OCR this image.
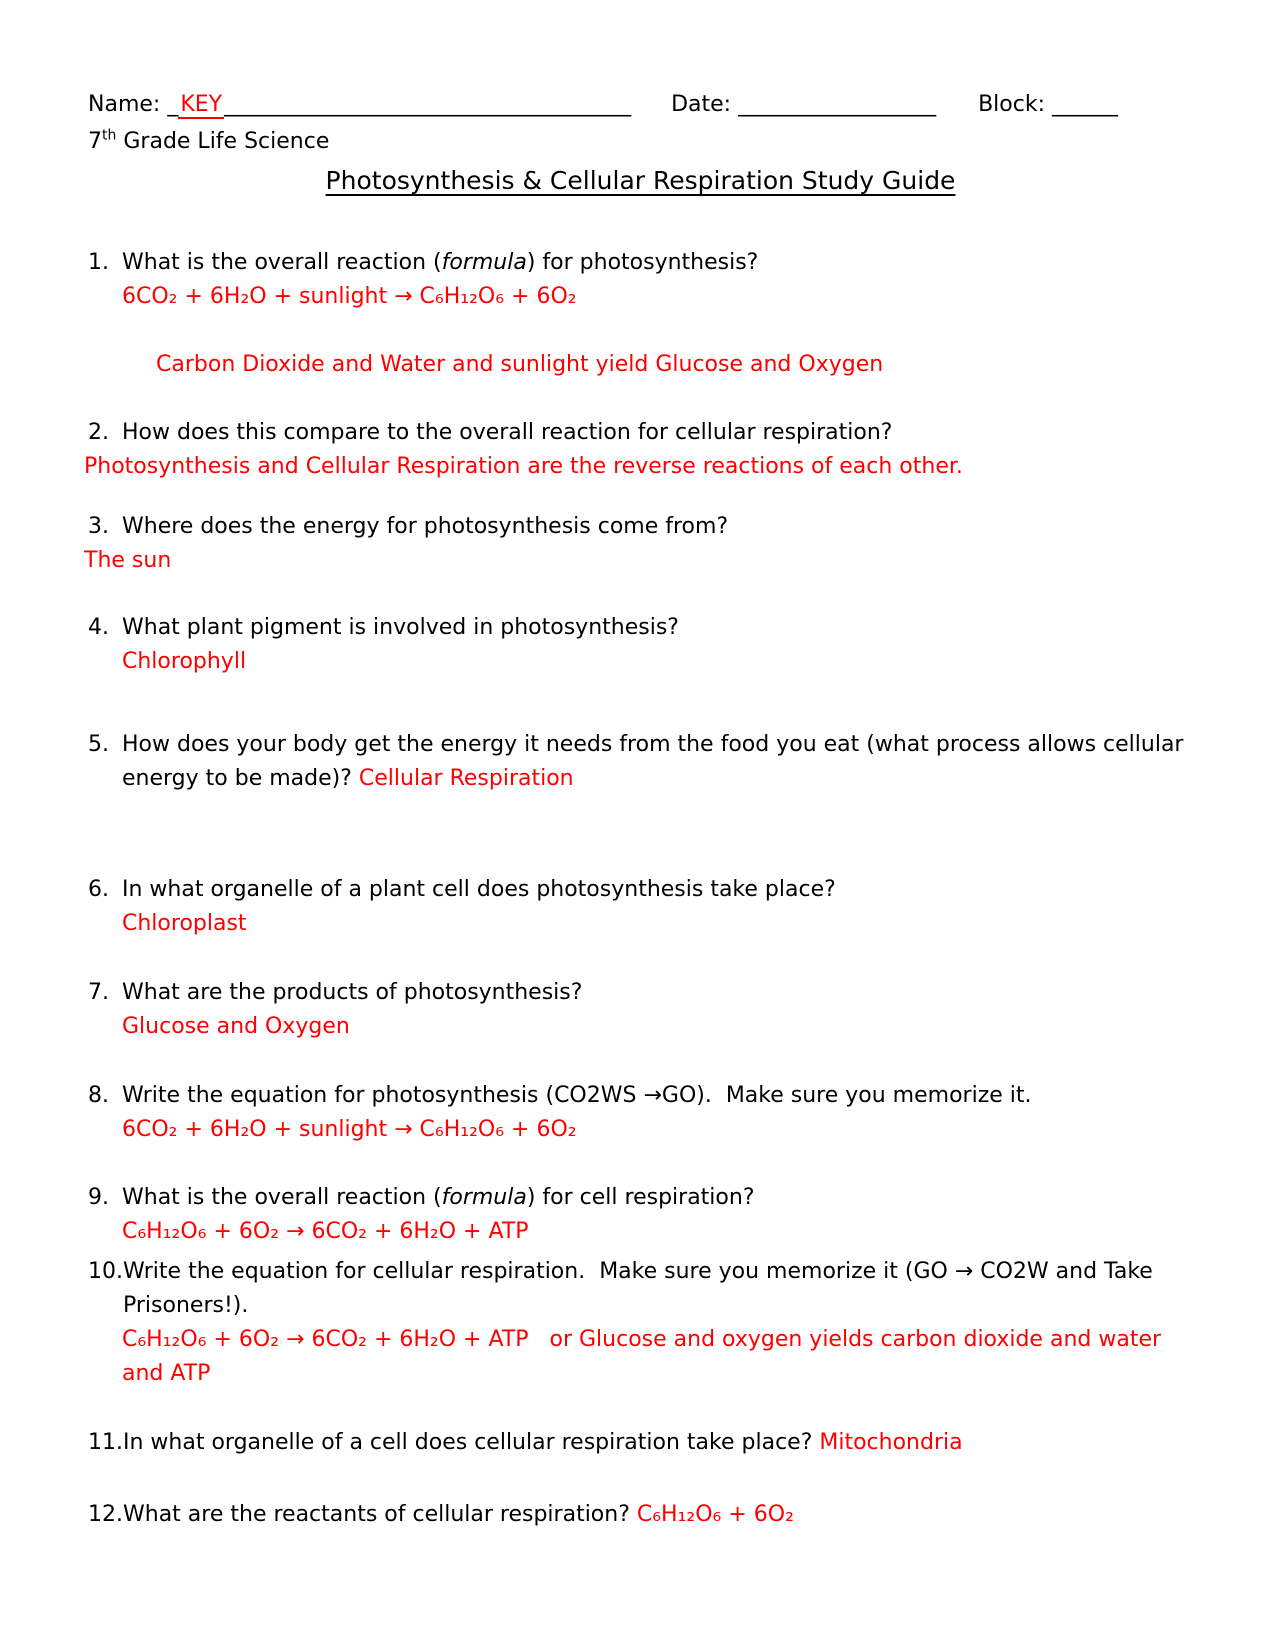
Name: _KEY_____________________________________ Date: __________________ Block: ______
7th Grade Life Science
Photosynthesis & Cellular Respiration Study Guide
1. What is the overall reaction (formula) for photosynthesis?
6CO₂ + 6H₂O + sunlight → C₆H₁₂O₆ + 6O₂
Carbon Dioxide and Water and sunlight yield Glucose and Oxygen
2. How does this compare to the overall reaction for cellular respiration?
Photosynthesis and Cellular Respiration are the reverse reactions of each other.
3. Where does the energy for photosynthesis come from?
The sun
4. What plant pigment is involved in photosynthesis?
Chlorophyll
5. How does your body get the energy it needs from the food you eat (what process allows cellular energy to be made)? Cellular Respiration
6. In what organelle of a plant cell does photosynthesis take place?
Chloroplast
7. What are the products of photosynthesis?
Glucose and Oxygen
8. Write the equation for photosynthesis (CO2WS →GO).  Make sure you memorize it.
6CO₂ + 6H₂O + sunlight → C₆H₁₂O₆ + 6O₂
9. What is the overall reaction (formula) for cell respiration?
C₆H₁₂O₆ + 6O₂ → 6CO₂ + 6H₂O + ATP
10. Write the equation for cellular respiration.  Make sure you memorize it (GO → CO2W and Take Prisoners!).
C₆H₁₂O₆ + 6O₂ → 6CO₂ + 6H₂O + ATP   or Glucose and oxygen yields carbon dioxide and water and ATP
11. In what organelle of a cell does cellular respiration take place? Mitochondria
12. What are the reactants of cellular respiration? C₆H₁₂O₆ + 6O₂
